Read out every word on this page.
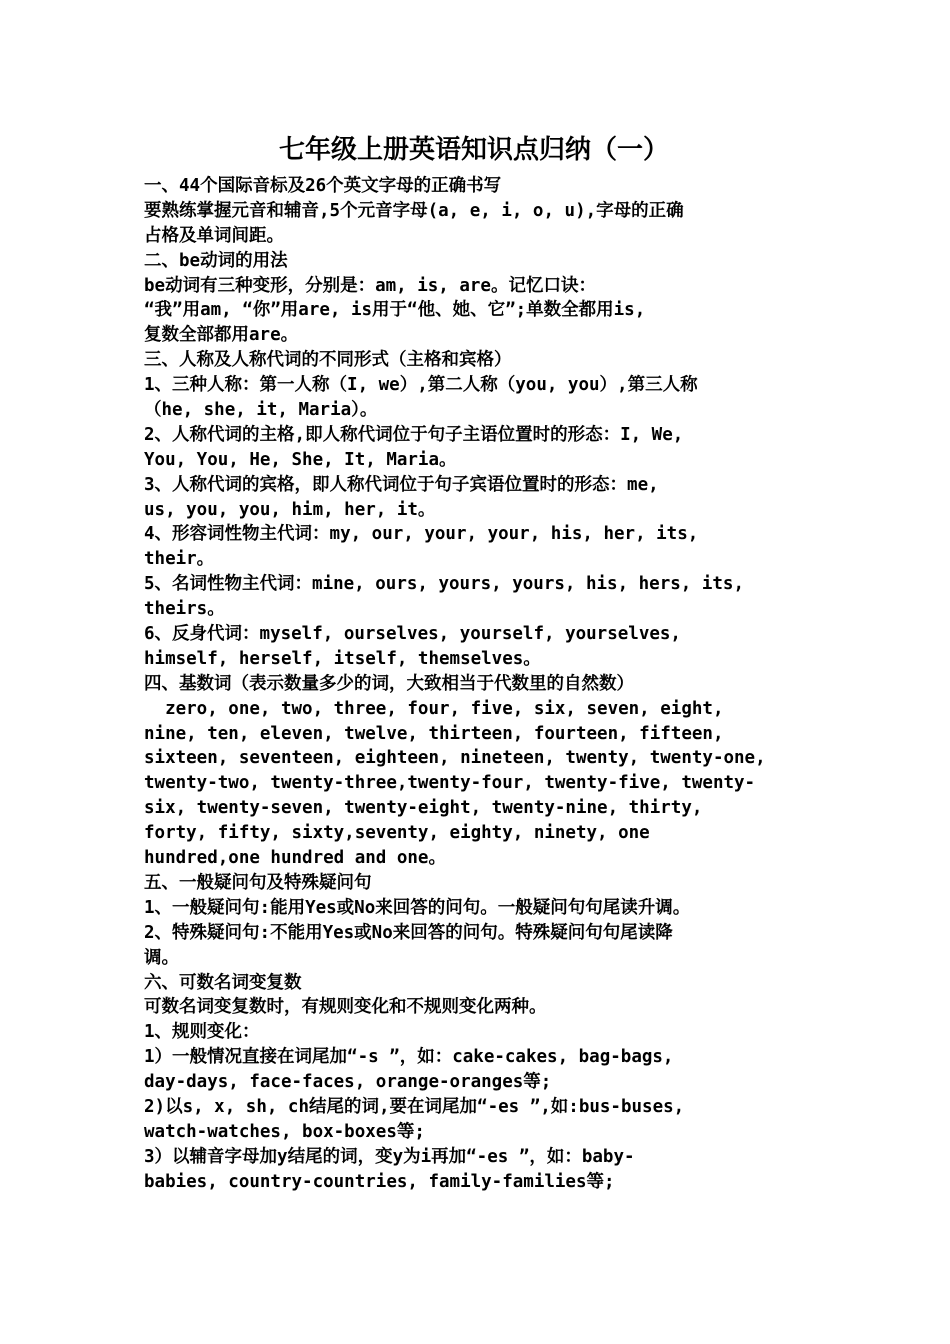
七年级上册英语知识点归纳（一）
一、44个国际音标及26个英文字母的正确书写
要熟练掌握元音和辅音,5个元音字母(a, e, i, o, u),字母的正确
占格及单词间距。
二、be动词的用法
be动词有三种变形，分别是：am, is, are。记忆口诀：
“我”用am, “你”用are, is用于“他、她、它”;单数全都用is,
复数全部都用are。
三、人称及人称代词的不同形式（主格和宾格）
1、三种人称：第一人称（I, we）,第二人称（you, you）,第三人称
（he, she, it, Maria）。
2、人称代词的主格,即人称代词位于句子主语位置时的形态：I, We,
You, You, He, She, It, Maria。
3、人称代词的宾格，即人称代词位于句子宾语位置时的形态：me,
us, you, you, him, her, it。
4、形容词性物主代词：my, our, your, your, his, her, its,
their。
5、名词性物主代词：mine, ours, yours, yours, his, hers, its,
theirs。
6、反身代词：myself, ourselves, yourself, yourselves,
himself, herself, itself, themselves。
四、基数词（表示数量多少的词，大致相当于代数里的自然数）
zero, one, two, three, four, five, six, seven, eight,
nine, ten, eleven, twelve, thirteen, fourteen, fifteen,
sixteen, seventeen, eighteen, nineteen, twenty, twenty-one,
twenty-two, twenty-three,twenty-four, twenty-five, twenty-
six, twenty-seven, twenty-eight, twenty-nine, thirty,
forty, fifty, sixty,seventy, eighty, ninety, one
hundred,one hundred and one。
五、一般疑问句及特殊疑问句
1、一般疑问句:能用Yes或No来回答的问句。一般疑问句句尾读升调。
2、特殊疑问句:不能用Yes或No来回答的问句。特殊疑问句句尾读降
调。
六、可数名词变复数
可数名词变复数时，有规则变化和不规则变化两种。
1、规则变化：
1）一般情况直接在词尾加“-s ”，如：cake-cakes, bag-bags,
day-days, face-faces, orange-oranges等;
2)以s, x, sh, ch结尾的词,要在词尾加“-es ”,如:bus-buses,
watch-watches, box-boxes等;
3）以辅音字母加y结尾的词，变y为i再加“-es ”，如：baby-
babies, country-countries, family-families等;
